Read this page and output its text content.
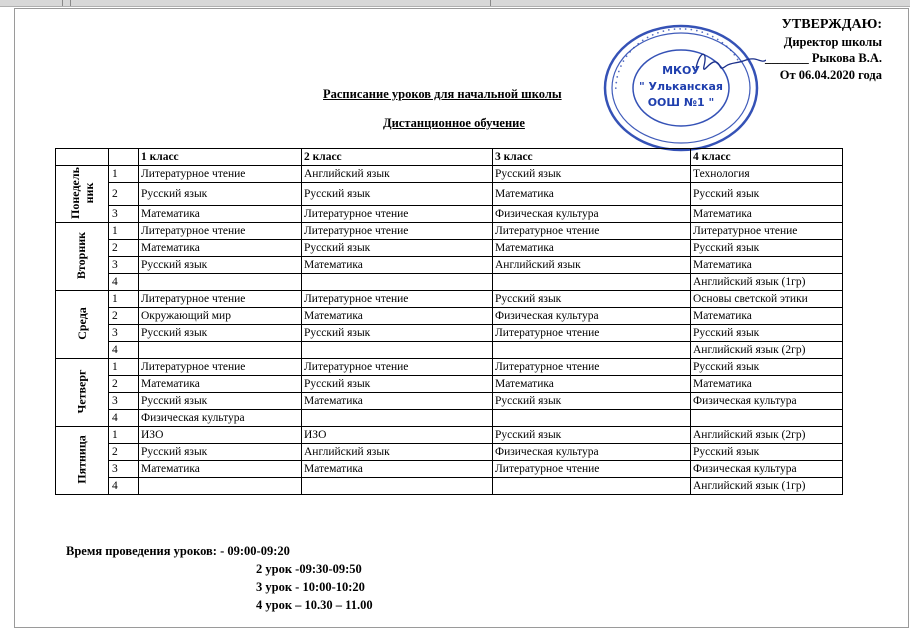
• • • • • • • • • • • • • • • • • • • • • • • • • • • • • •
МКОУ
" Ульканская
ООШ №1 "
УТВЕРЖДАЮ:
Директор школы
_______ Рыкова В.А.
От 06.04.2020 года
Расписание уроков для начальной школы
Дистанционное обучение
		1 класс	2 класс	3 класс	4 класс
Понедельник	1	Литературное чтение	Английский язык	Русский язык	Технология
	2	Русский язык	Русский язык	Математика	Русский язык
	3	Математика	Литературное чтение	Физическая культура	Математика
Вторник	1	Литературное чтение	Литературное чтение	Литературное чтение	Литературное чтение
	2	Математика	Русский язык	Математика	Русский язык
	3	Русский язык	Математика	Английский язык	Математика
	4				Английский язык (1гр)
Среда	1	Литературное чтение	Литературное чтение	Русский язык	Основы светской этики
	2	Окружающий мир	Математика	Физическая культура	Математика
	3	Русский язык	Русский язык	Литературное чтение	Русский язык
	4				Английский язык (2гр)
Четверг	1	Литературное чтение	Литературное чтение	Литературное чтение	Русский язык
	2	Математика	Русский язык	Математика	Математика
	3	Русский язык	Математика	Русский язык	Физическая культура
	4	Физическая культура			
Пятница	1	ИЗО	ИЗО	Русский язык	Английский язык (2гр)
	2	Русский язык	Английский язык	Физическая культура	Русский язык
	3	Математика	Математика	Литературное чтение	Физическая культура
	4				Английский язык (1гр)
Время проведения уроков: - 09:00-09:20
2 урок -09:30-09:50
3 урок - 10:00-10:20
4 урок – 10.30 – 11.00
